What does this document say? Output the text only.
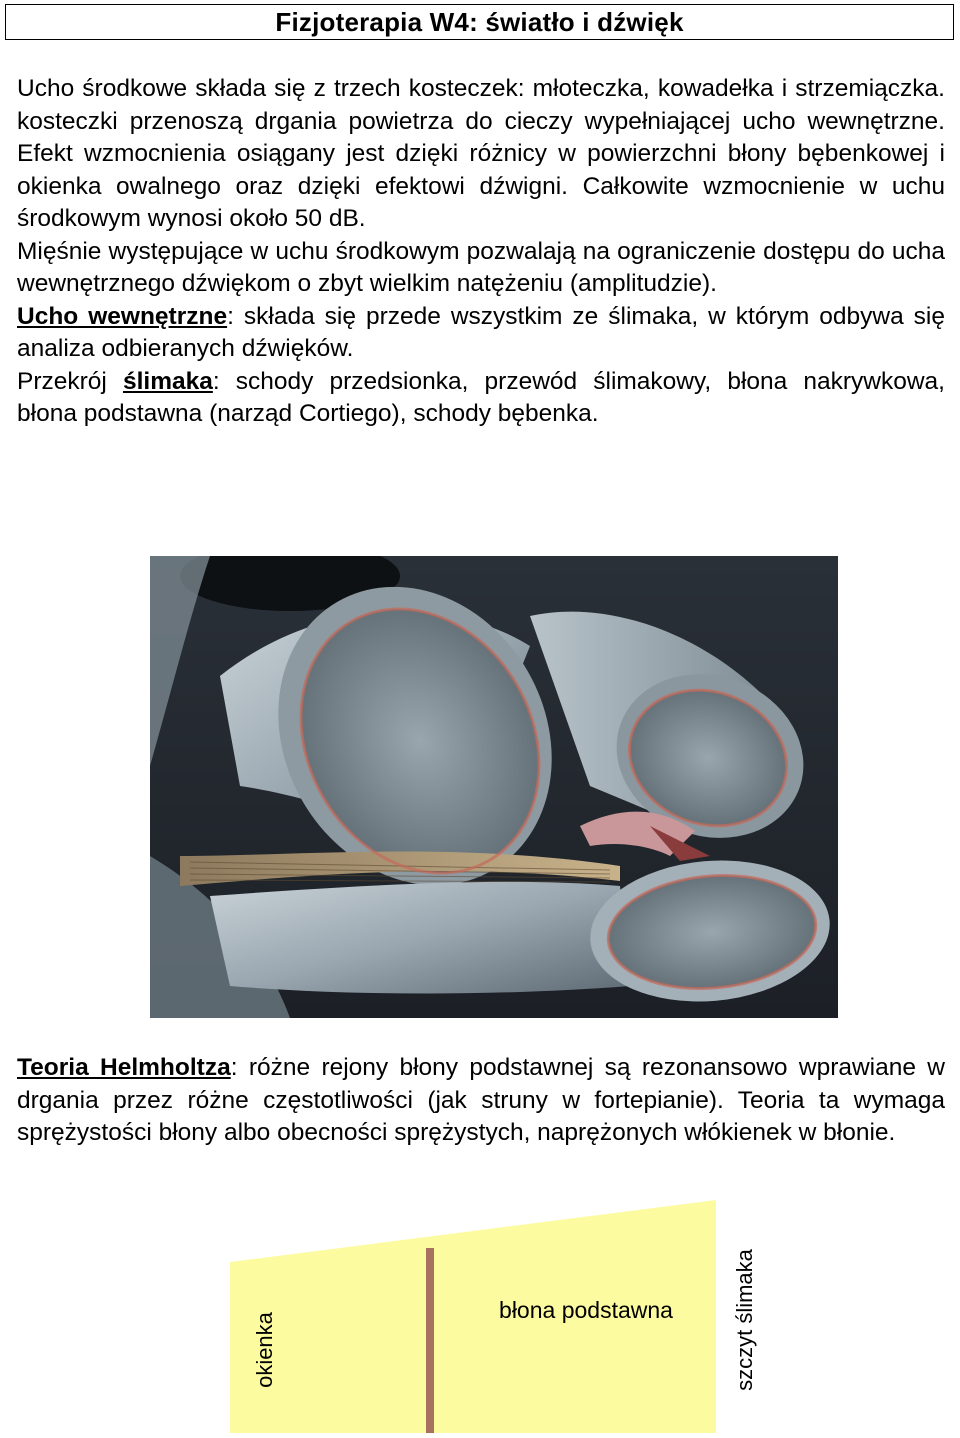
Fizjoterapia W4: światło i dźwięk

Ucho środkowe składa się z trzech kosteczek: młoteczka, kowadełka i strzemiączka. kosteczki przenoszą drgania powietrza do cieczy wypełniającej ucho wewnętrzne. Efekt wzmocnienia osiągany jest dzięki różnicy w powierzchni błony bębenkowej i okienka owalnego oraz dzięki efektowi dźwigni. Całkowite wzmocnienie w uchu środkowym wynosi około 50 dB.

Mięśnie występujące w uchu środkowym pozwalają na ograniczenie dostępu do ucha wewnętrznego dźwiękom o zbyt wielkim natężeniu (amplitudzie).

Ucho wewnętrzne: składa się przede wszystkim ze ślimaka, w którym odbywa się analiza odbieranych dźwięków.

Przekrój ślimaka: schody przedsionka, przewód ślimakowy, błona nakrywkowa, błona podstawna (narząd Cortiego), schody bębenka.

Teoria Helmholtza: różne rejony błony podstawnej są rezonansowo wprawiane w drgania przez różne częstotliwości (jak struny w fortepianie). Teoria ta wymaga sprężystości błony albo obecności sprężystych, naprężonych włókienek w błonie.

okienka
błona podstawna	szczyt ślimaka
